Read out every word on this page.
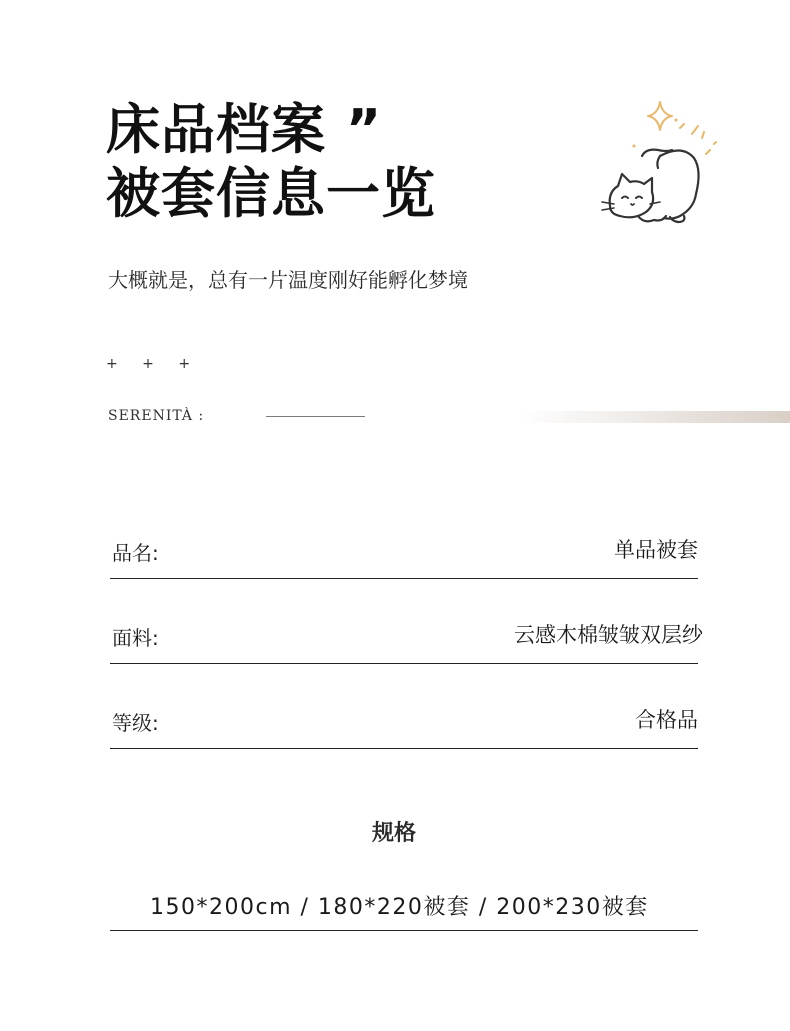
床品档案 ”
被套信息一览
大概就是，总有一片温度刚好能孵化梦境
+ + +
SERENITÀ :
品名:	单品被套
面料:	云感木棉皱皱双层纱
等级:	合格品
规格
150*200cm / 180*220被套 / 200*230被套
